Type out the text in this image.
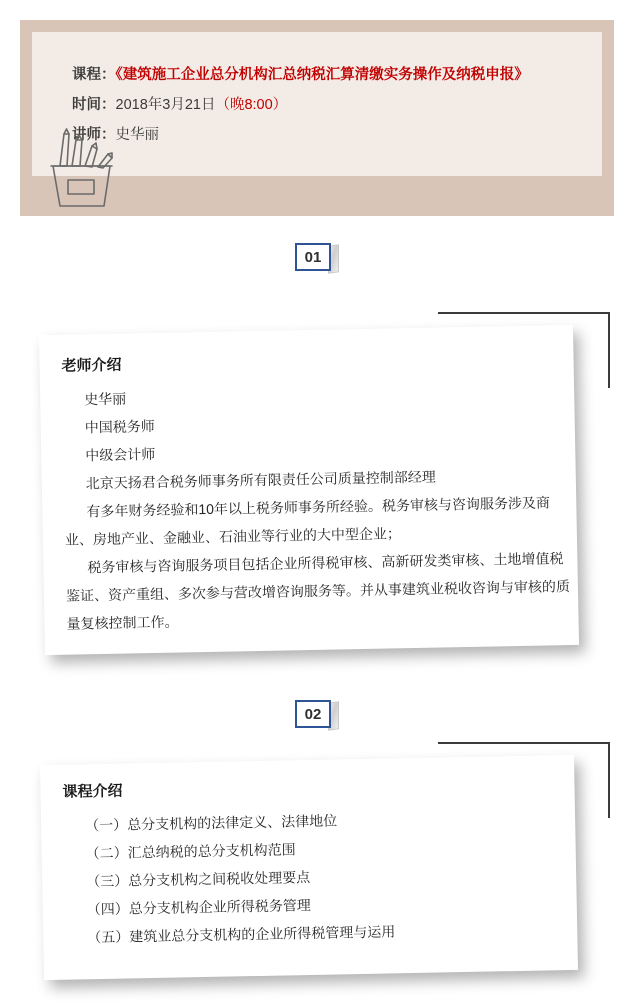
课程：《建筑施工企业总分机构汇总纳税汇算清缴实务操作及纳税申报》
时间：2018年3月21日（晚8:00）
讲师：史华丽
01
老师介绍

史华丽

中国税务师

中级会计师

北京天扬君合税务师事务所有限责任公司质量控制部经理

有多年财务经验和10年以上税务师事务所经验。税务审核与咨询服务涉及商业、房地产业、金融业、石油业等行业的大中型企业；

税务审核与咨询服务项目包括企业所得税审核、高新研发类审核、土地增值税鉴证、资产重组、多次参与营改增咨询服务等。并从事建筑业税收咨询与审核的质量复核控制工作。

02
课程介绍

（一）总分支机构的法律定义、法律地位

（二）汇总纳税的总分支机构范围

（三）总分支机构之间税收处理要点

（四）总分支机构企业所得税务管理

（五）建筑业总分支机构的企业所得税管理与运用
